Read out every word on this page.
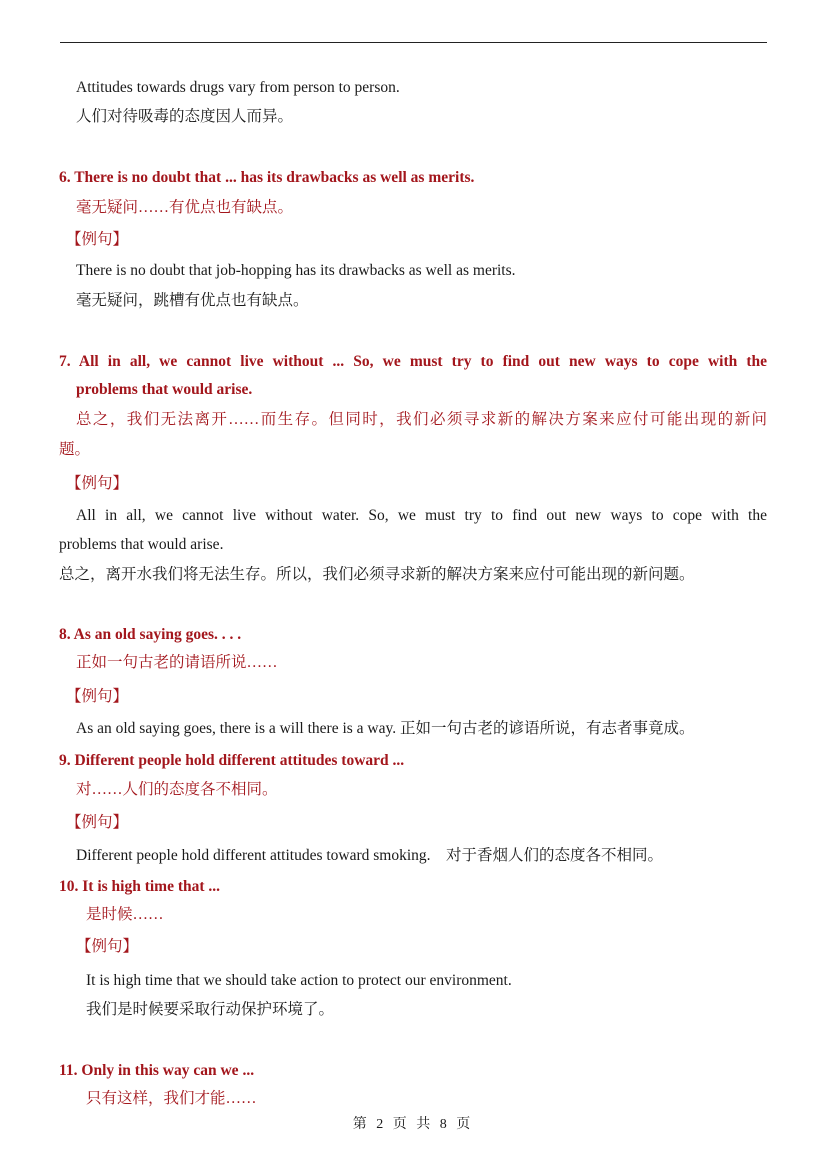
Attitudes towards drugs vary from person to person.
人们对待吸毒的态度因人而异。
6. There is no doubt that ... has its drawbacks as well as merits.
毫无疑问……有优点也有缺点。
【例句】
There is no doubt that job-hopping has its drawbacks as well as merits.
毫无疑问，跳槽有优点也有缺点。
7. All in all, we cannot live without ... So, we must try to find out new ways to cope with the
problems that would arise.
总之，我们无法离开……而生存。但同时，我们必须寻求新的解决方案来应付可能出现的新问
题。
【例句】
All in all, we cannot live without water. So, we must try to find out new ways to cope with the
problems that would arise.
总之，离开水我们将无法生存。所以，我们必须寻求新的解决方案来应付可能出现的新问题。
8. As an old saying goes. . . .
正如一句古老的请语所说……
【例句】
As an old saying goes, there is a will there is a way. 正如一句古老的谚语所说，有志者事竟成。
9. Different people hold different attitudes toward ...
对……人们的态度各不相同。
【例句】
Different people hold different attitudes toward smoking.    对于香烟人们的态度各不相同。
10. It is high time that ...
是时候……
【例句】
It is high time that we should take action to protect our environment.
我们是时候要采取行动保护环境了。
11. Only in this way can we ...
只有这样，我们才能……
第 2 页 共 8 页
